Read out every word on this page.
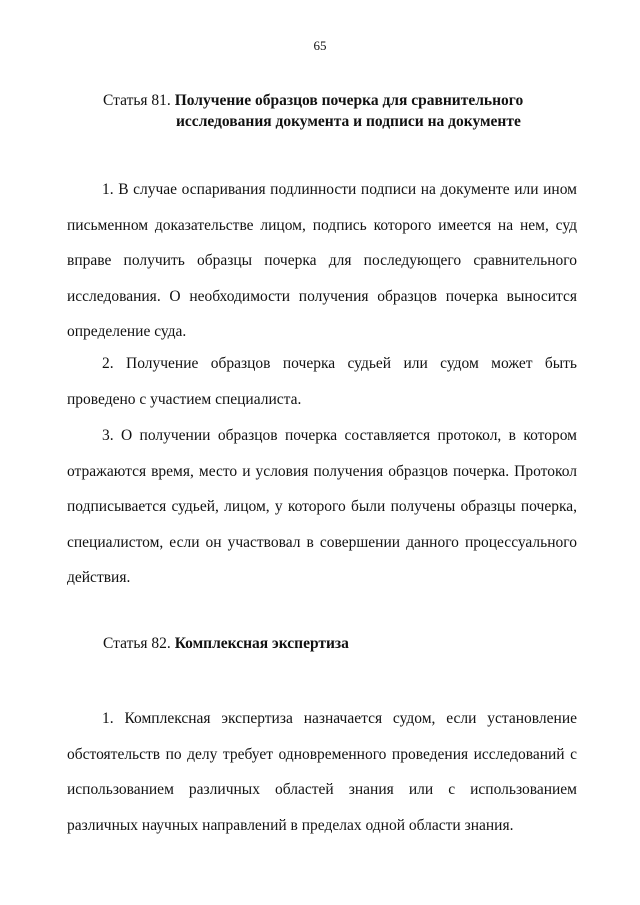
65
Статья 81. Получение образцов почерка для сравнительного
исследования документа и подписи на документе

1. В случае оспаривания подлинности подписи на документе или ином письменном доказательстве лицом, подпись которого имеется на нем, суд вправе получить образцы почерка для последующего сравнительного исследования. О необходимости получения образцов почерка выносится определение суда.

2. Получение образцов почерка судьей или судом может быть проведено с участием специалиста.

3. О получении образцов почерка составляется протокол, в котором отражаются время, место и условия получения образцов почерка. Протокол подписывается судьей, лицом, у которого были получены образцы почерка, специалистом, если он участвовал в совершении данного процессуального действия.

Статья 82. Комплексная экспертиза

1. Комплексная экспертиза назначается судом, если установление обстоятельств по делу требует одновременного проведения исследований с использованием различных областей знания или с использованием различных научных направлений в пределах одной области знания.
